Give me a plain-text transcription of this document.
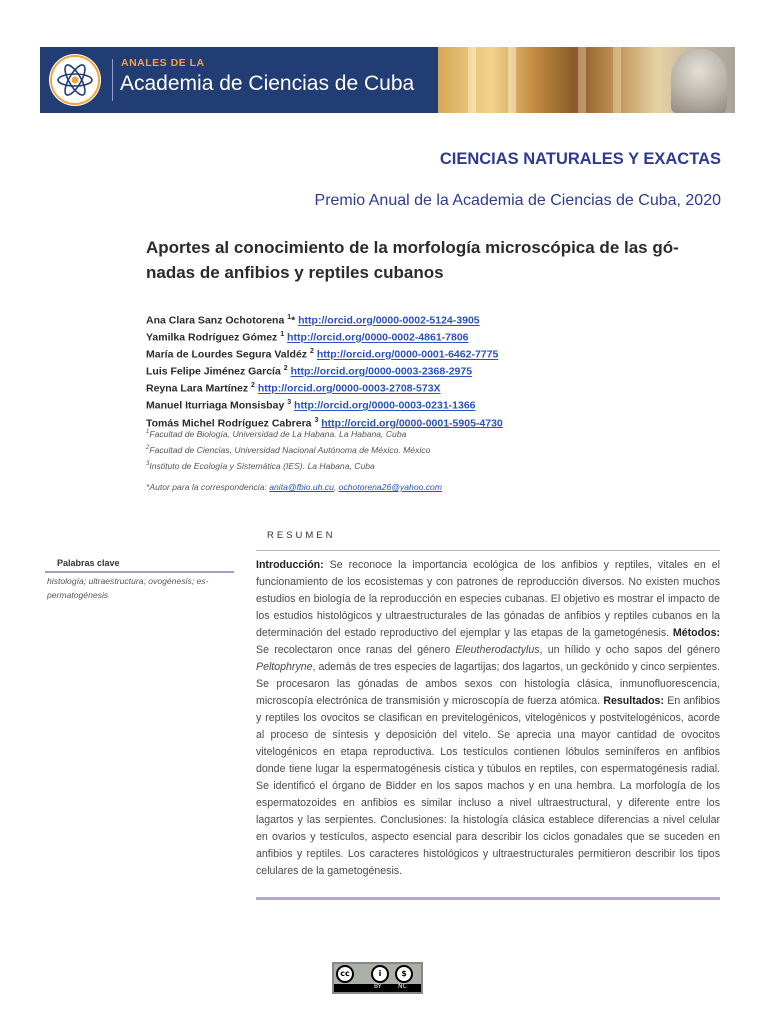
ANALES DE LA
Academia de Ciencias de Cuba
CIENCIAS NATURALES Y EXACTAS
Premio Anual de la Academia de Ciencias de Cuba, 2020
Aportes al conocimiento de la morfología microscópica de las gó-
nadas de anfibios y reptiles cubanos
Ana Clara Sanz Ochotorena $^1$* http://orcid.org/0000-0002-5124-3905
Yamilka Rodríguez Gómez $^1$ http://orcid.org/0000-0002-4861-7806
María de Lourdes Segura Valdéz $^2$ http://orcid.org/0000-0001-6462-7775
Luis Felipe Jiménez García $^2$ http://orcid.org/0000-0003-2368-2975
Reyna Lara Martínez $^2$ http://orcid.org/0000-0003-2708-573X
Manuel Iturriaga Monsisbay $^3$ http://orcid.org/0000-0003-0231-1366
Tomás Michel Rodríguez Cabrera $^3$ http://orcid.org/0000-0001-5905-4730
$^1$Facultad de Biología, Universidad de La Habana. La Habana, Cuba
$^2$Facultad de Ciencias, Universidad Nacional Autónoma de México. México
$^3$Instituto de Ecología y Sistemática (IES). La Habana, Cuba
*Autor para la correspondencia: anita@fbio.uh.cu, ochotorena26@yahoo.com
RESUMEN
Palabras clave
histología; ultraestructura; ovogénesis; es-
permatogénesis
Introducción: Se reconoce la importancia ecológica de los anfibios y reptiles, vitales en el funcionamiento de los ecosistemas y con patrones de reproducción diversos. No existen muchos estudios en biología de la reproducción en especies cubanas. El objetivo es mostrar el impacto de los estudios histológicos y ultraestructurales de las gónadas de anfibios y reptiles cubanos en la determinación del estado reproductivo del ejemplar y las etapas de la gametogénesis. Métodos: Se recolectaron once ranas del género Eleutherodactylus, un hílido y ocho sapos del género Peltophryne, además de tres especies de lagartijas; dos lagartos, un geckónido y cinco serpientes. Se procesaron las gónadas de ambos sexos con histología clásica, inmunofluorescencia, microscopía electrónica de transmisión y microscopía de fuerza atómica. Resultados: En anfibios y reptiles los ovocitos se clasifican en previtelogénicos, vitelogénicos y postvitelogénicos, acorde al proceso de síntesis y deposición del vitelo. Se aprecia una mayor cantidad de ovocitos vitelogénicos en etapa reproductiva. Los testículos contienen lóbulos seminíferos en anfibios donde tiene lugar la espermatogénesis cística y túbulos en reptiles, con espermatogénesis radial. Se identificó el órgano de Bidder en los sapos machos y en una hembra. La morfología de los espermatozoides en anfibios es similar incluso a nivel ultraestructural, y diferente entre los lagartos y las serpientes. Conclusiones: la histología clásica establece diferencias a nivel celular en ovarios y testículos, aspecto esencial para describir los ciclos gonadales que se suceden en anfibios y reptiles. Los caracteres histológicos y ultraestructurales permitieron describir los tipos celulares de la gametogénesis.
cc	i	$
BY	NC
